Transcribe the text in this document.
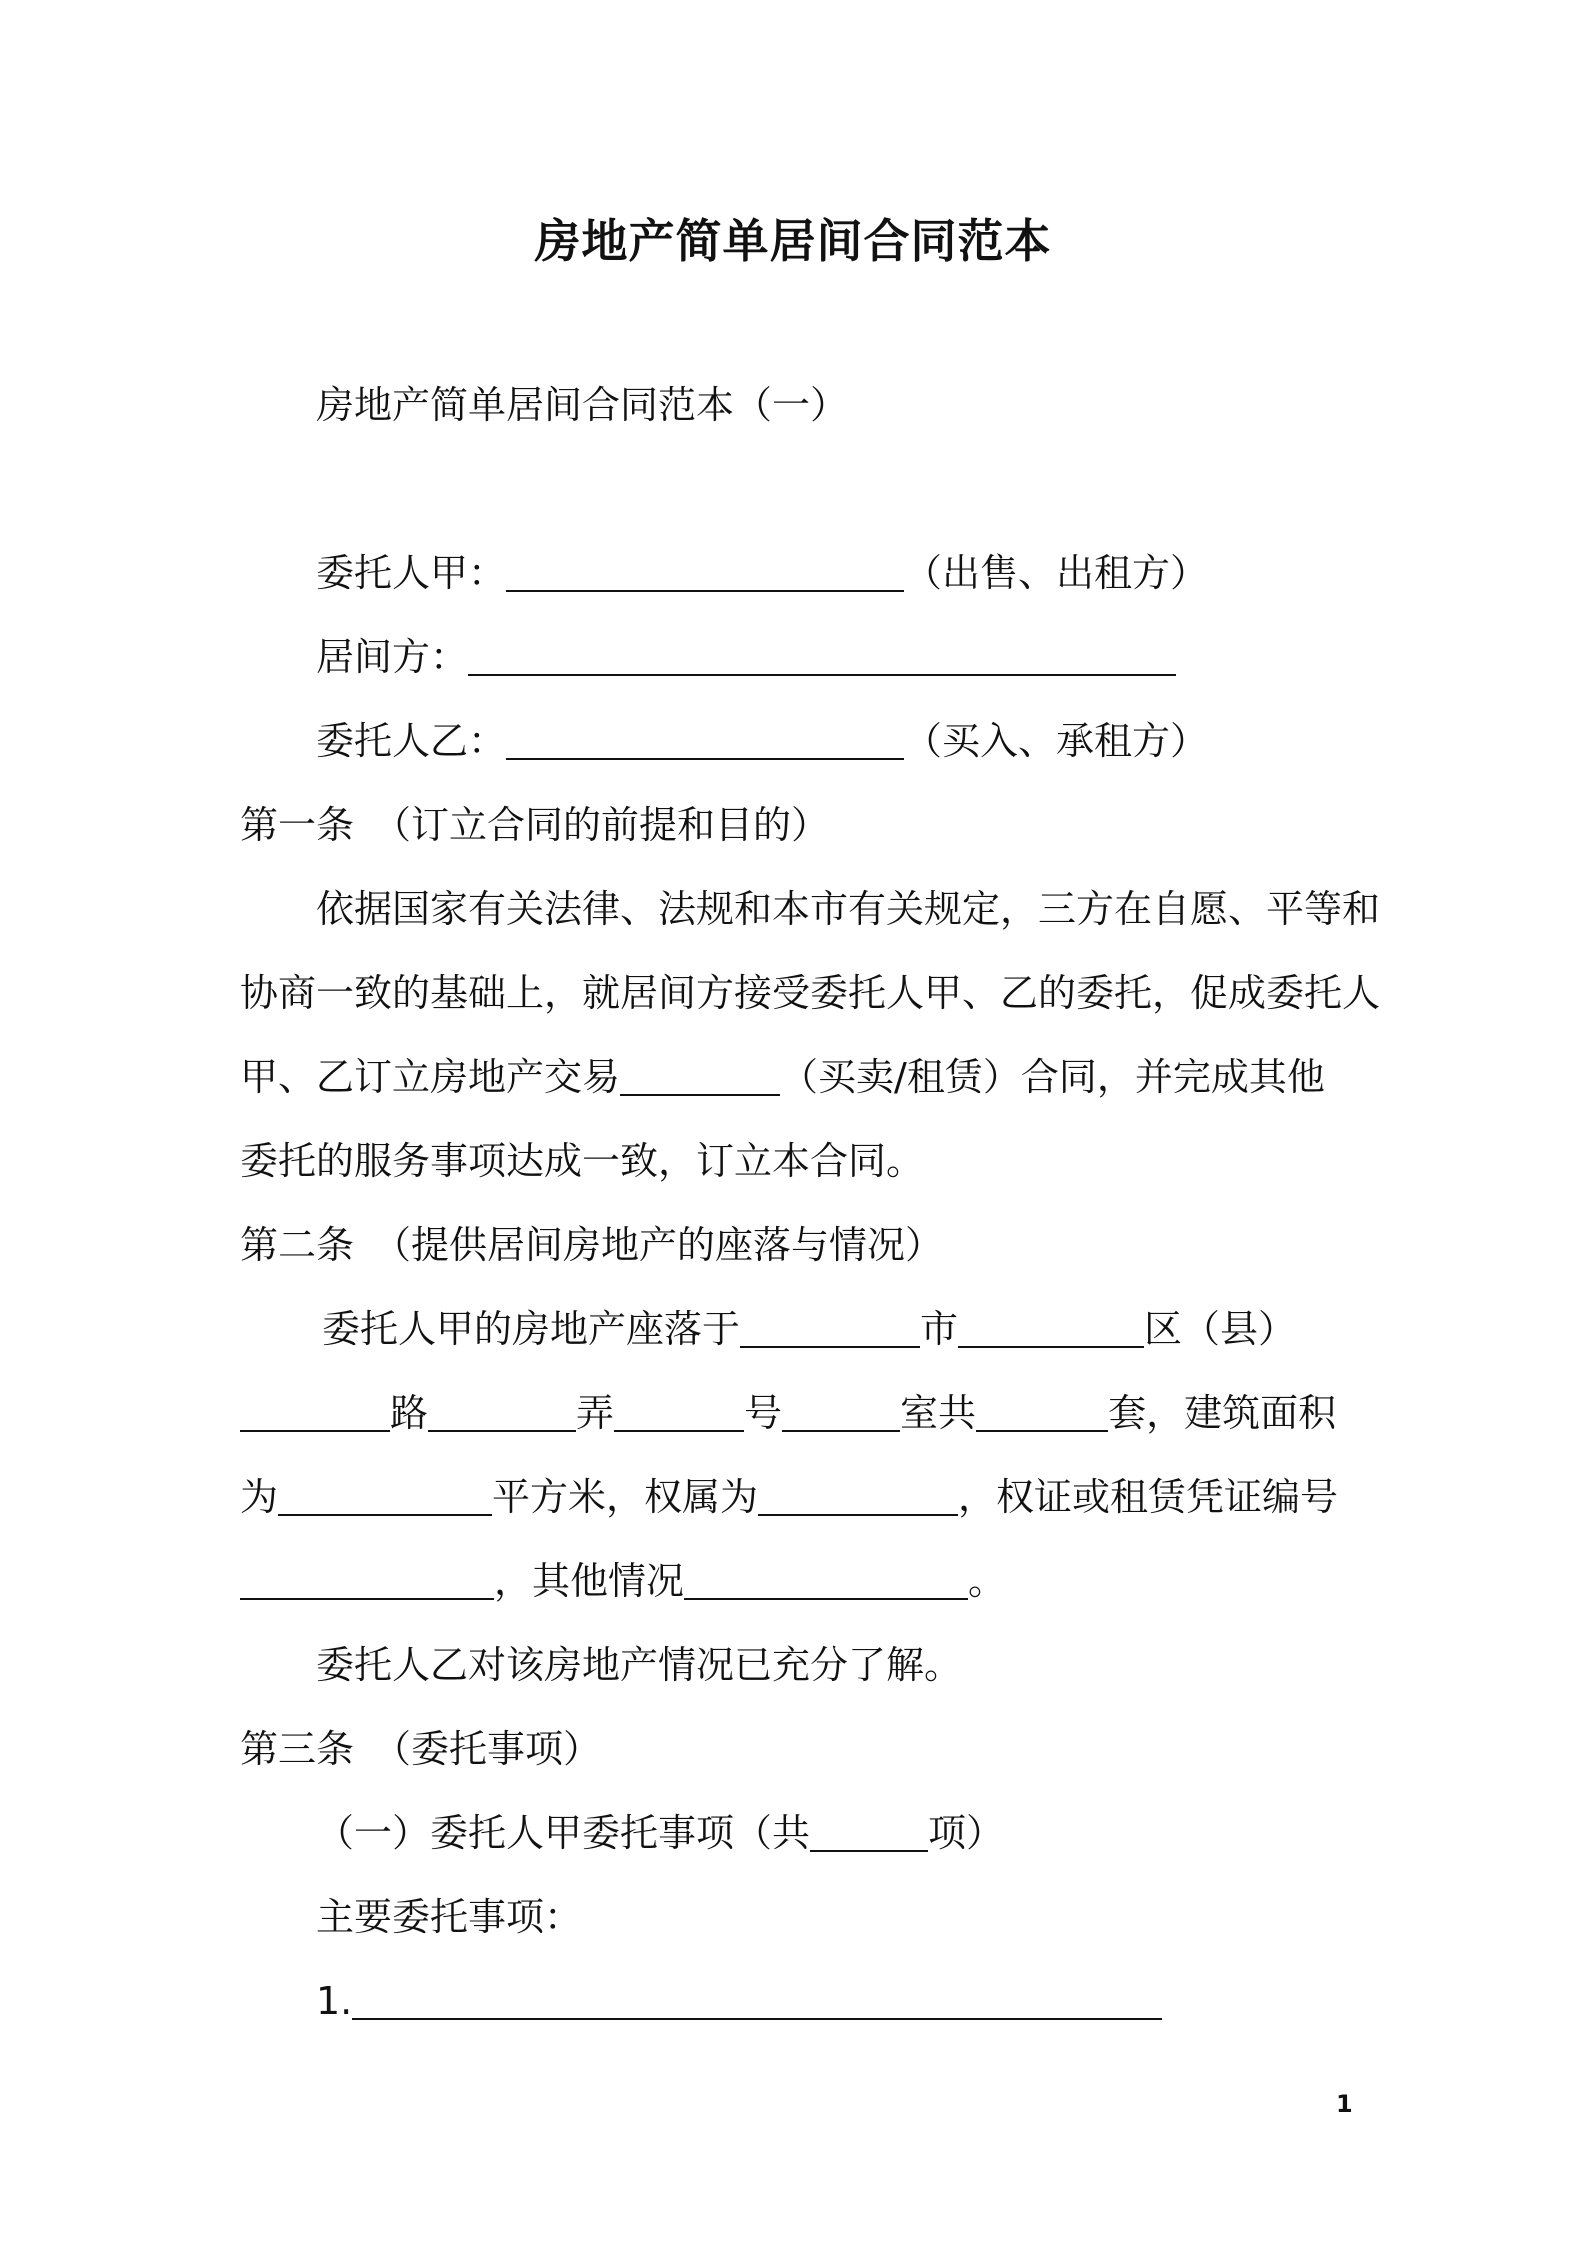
房地产简单居间合同范本
房地产简单居间合同范本（一）
委托人甲：	（出售、出租方）
居间方：
委托人乙：	（买入、承租方）
第一条　（订立合同的前提和目的）
依据国家有关法律、法规和本市有关规定，三方在自愿、平等和
协商一致的基础上，就居间方接受委托人甲、乙的委托，促成委托人
甲、乙订立房地产交易	（买卖/租赁）合同，并完成其他
委托的服务事项达成一致，订立本合同。
第二条　（提供居间房地产的座落与情况）
委托人甲的房地产座落于	市	区（县）
路	弄	号	室共	套，建筑面积
为	平方米，权属为	，权证或租赁凭证编号
，其他情况	。
委托人乙对该房地产情况已充分了解。
第三条　（委托事项）
（一）委托人甲委托事项（共	项）
主要委托事项：
1.
1
